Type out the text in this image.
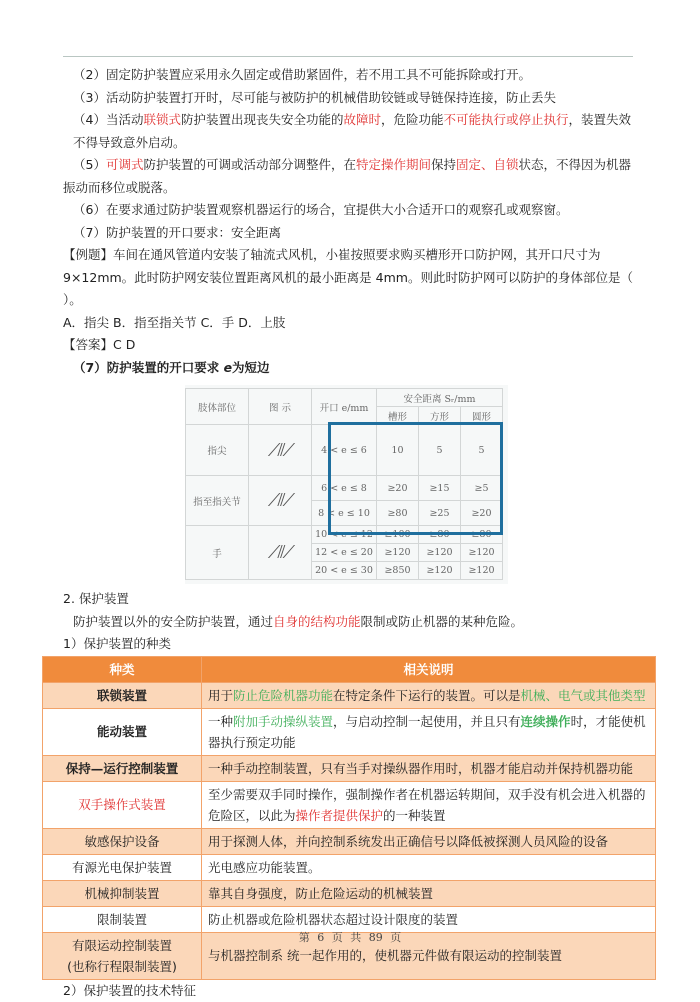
（2）固定防护装置应采用永久固定或借助紧固件，若不用工具不可能拆除或打开。

（3）活动防护装置打开时，尽可能与被防护的机械借助铰链或导链保持连接，防止丢失

（4）当活动联锁式防护装置出现丧失安全功能的故障时，危险功能不可能执行或停止执行，装置失效不得导致意外启动。

（5）可调式防护装置的可调或活动部分调整件，在特定操作期间保持固定、自锁状态，不得因为机器振动而移位或脱落。

（6）在要求通过防护装置观察机器运行的场合，宜提供大小合适开口的观察孔或观察窗。

（7）防护装置的开口要求：安全距离

【例题】车间在通风管道内安装了轴流式风机，小崔按照要求购买槽形开口防护网，其开口尺寸为 9×12mm。此时防护网安装位置距离风机的最小距离是 4mm。则此时防护网可以防护的身体部位是（ ）。

A．指尖 B．指至指关节 C．手 D．上肢

【答案】C D

（7）防护装置的开口要求 e为短边

肢体部位	图 示	开口 e/mm	安全距离 Sᵣ/mm		
			槽形	方形	圆形
指尖	⟋⫽⟋	4 < e ≤ 6	10	5	5
指至指关节	⟋⫽⟋	6 < e ≤ 8	≥20	≥15	≥5
		8 < e ≤ 10	≥80	≥25	≥20
手	⟋⫽⟋	10 < e ≤ 12	≥100	≥80	≥80
		12 < e ≤ 20	≥120	≥120	≥120
		20 < e ≤ 30	≥850	≥120	≥120

2. 保护装置

防护装置以外的安全防护装置，通过自身的结构功能限制或防止机器的某种危险。

1）保护装置的种类

种类	相关说明
联锁装置	用于防止危险机器功能在特定条件下运行的装置。可以是机械、电气或其他类型
能动装置	一种附加手动操纵装置，与启动控制一起使用，并且只有连续操作时，才能使机器执行预定功能
保持—运行控制装置	一种手动控制装置，只有当手对操纵器作用时，机器才能启动并保持机器功能
双手操作式装置	至少需要双手同时操作，强制操作者在机器运转期间，双手没有机会进入机器的危险区，以此为操作者提供保护的一种装置
敏感保护设备	用于探测人体，并向控制系统发出正确信号以降低被探测人员风险的设备
有源光电保护装置	光电感应功能装置。
机械抑制装置	靠其自身强度，防止危险运动的机械装置
限制装置	防止机器或危险机器状态超过设计限度的装置

有限运动控制装置
(也称行程限制装置)	与机器控制系 统一起作用的，使机器元件做有限运动的控制装置

2）保护装置的技术特征

第 6 页 共 89 页
